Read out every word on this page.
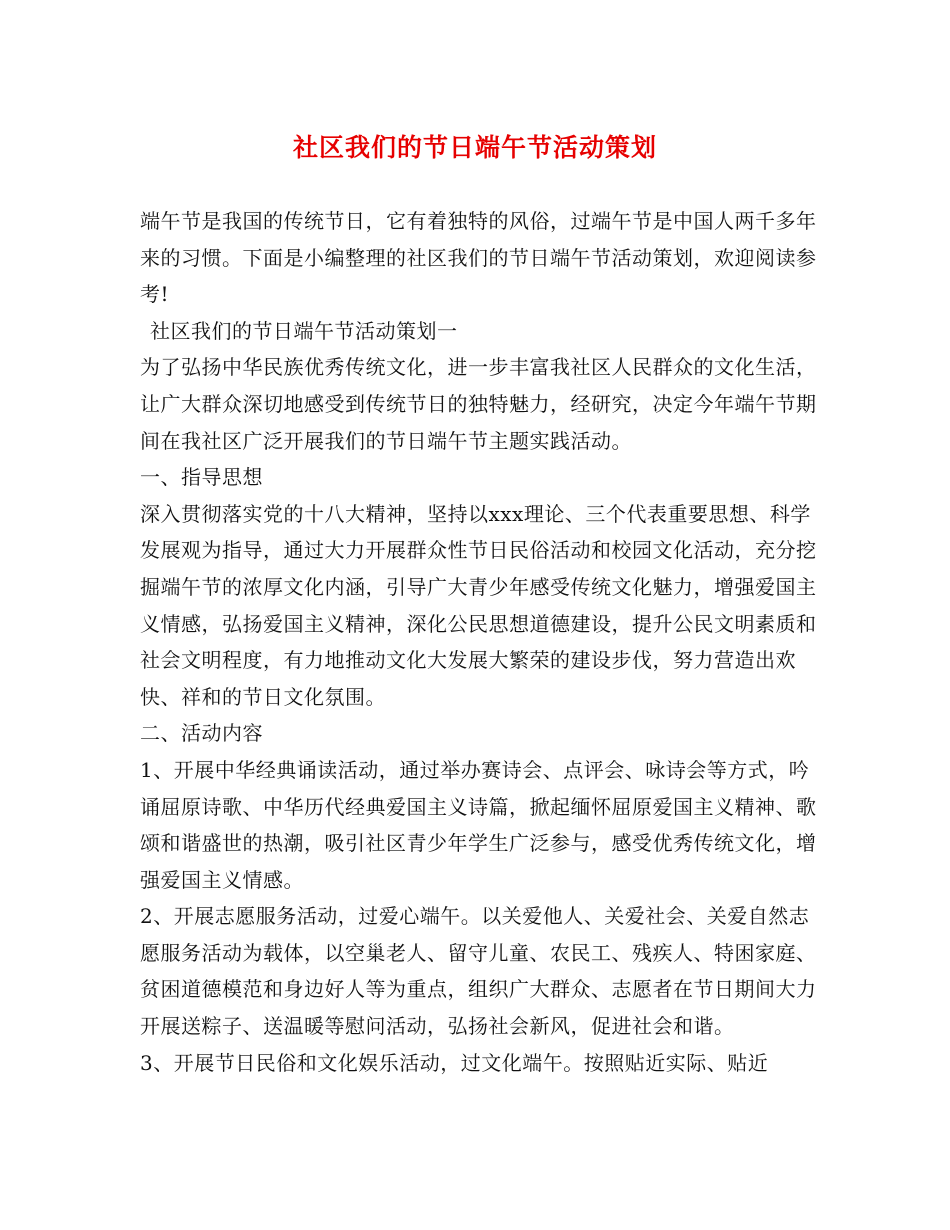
社区我们的节日端午节活动策划

端午节是我国的传统节日，它有着独特的风俗，过端午节是中国人两千多年来的习惯。下面是小编整理的社区我们的节日端午节活动策划，欢迎阅读参考!

社区我们的节日端午节活动策划一

为了弘扬中华民族优秀传统文化，进一步丰富我社区人民群众的文化生活，让广大群众深切地感受到传统节日的独特魅力，经研究，决定今年端午节期间在我社区广泛开展我们的节日端午节主题实践活动。

一、指导思想

深入贯彻落实党的十八大精神，坚持以xxx理论、三个代表重要思想、科学发展观为指导，通过大力开展群众性节日民俗活动和校园文化活动，充分挖掘端午节的浓厚文化内涵，引导广大青少年感受传统文化魅力，增强爱国主义情感，弘扬爱国主义精神，深化公民思想道德建设，提升公民文明素质和社会文明程度，有力地推动文化大发展大繁荣的建设步伐，努力营造出欢快、祥和的节日文化氛围。

二、活动内容

1、开展中华经典诵读活动，通过举办赛诗会、点评会、咏诗会等方式，吟诵屈原诗歌、中华历代经典爱国主义诗篇，掀起缅怀屈原爱国主义精神、歌颂和谐盛世的热潮，吸引社区青少年学生广泛参与，感受优秀传统文化，增强爱国主义情感。

2、开展志愿服务活动，过爱心端午。以关爱他人、关爱社会、关爱自然志愿服务活动为载体，以空巢老人、留守儿童、农民工、残疾人、特困家庭、贫困道德模范和身边好人等为重点，组织广大群众、志愿者在节日期间大力开展送粽子、送温暖等慰问活动，弘扬社会新风，促进社会和谐。

3、开展节日民俗和文化娱乐活动，过文化端午。按照贴近实际、贴近
